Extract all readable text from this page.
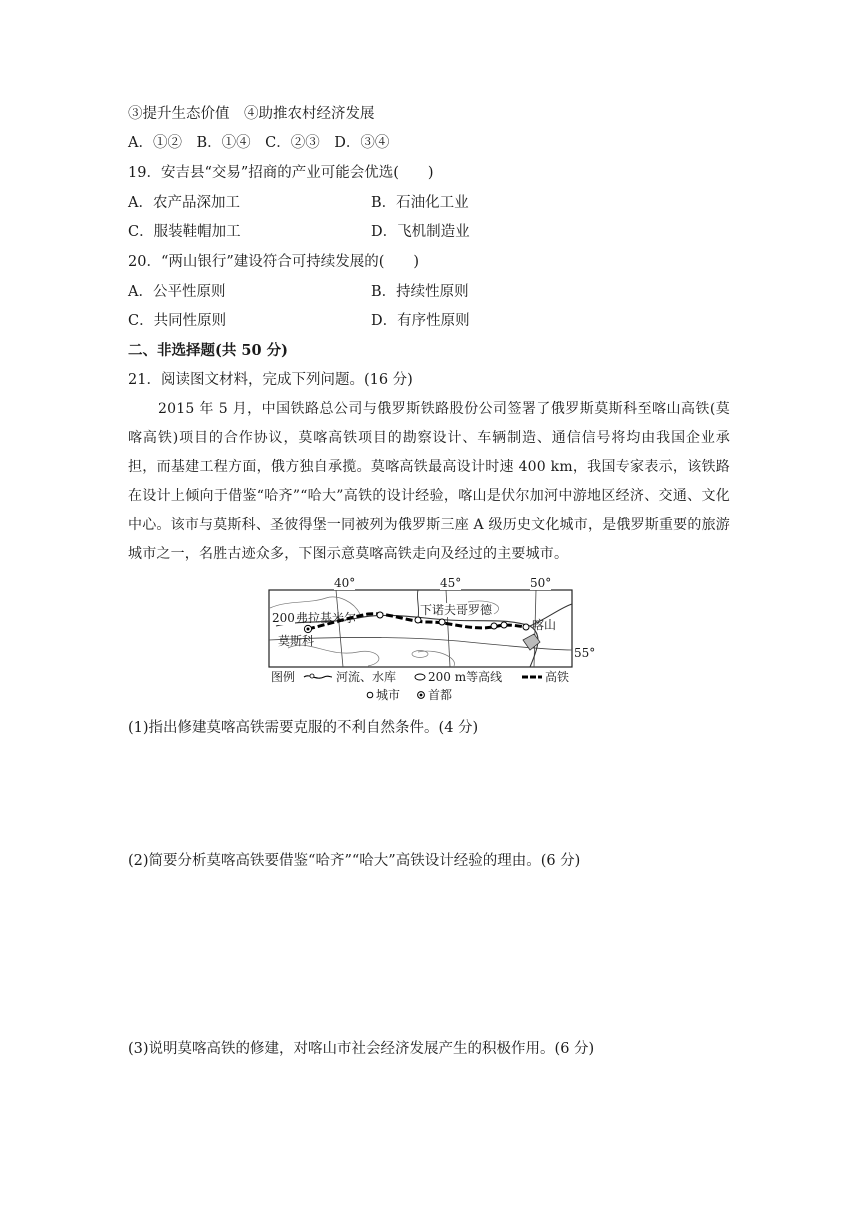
③提升生态价值　④助推农村经济发展
A．①②　B．①④　C．②③　D．③④
19．安吉县“交易”招商的产业可能会优选(　　)
A．农产品深加工	B．石油化工业
C．服装鞋帽加工	D．飞机制造业
20．“两山银行”建设符合可持续发展的(　　)
A．公平性原则	B．持续性原则
C．共同性原则	D．有序性原则
二、非选择题(共 50 分)
21．阅读图文材料，完成下列问题。(16 分)
2015 年 5 月，中国铁路总公司与俄罗斯铁路股份公司签署了俄罗斯莫斯科至喀山高铁(莫喀高铁)项目的合作协议，莫喀高铁项目的勘察设计、车辆制造、通信信号将均由我国企业承担，而基建工程方面，俄方独自承揽。莫喀高铁最高设计时速 400 km，我国专家表示，该铁路在设计上倾向于借鉴“哈齐”“哈大”高铁的设计经验，喀山是伏尔加河中游地区经济、交通、文化中心。该市与莫斯科、圣彼得堡一同被列为俄罗斯三座 A 级历史文化城市，是俄罗斯重要的旅游城市之一，名胜古迹众多，下图示意莫喀高铁走向及经过的主要城市。
40°	45°	50°
55°
200 弗拉基米尔
莫斯科
下诺夫哥罗德
喀山
图例	河流、水库	200 m等高线	高铁
城市 首都
(1)指出修建莫喀高铁需要克服的不利自然条件。(4 分)
(2)简要分析莫喀高铁要借鉴“哈齐”“哈大”高铁设计经验的理由。(6 分)
(3)说明莫喀高铁的修建，对喀山市社会经济发展产生的积极作用。(6 分)
